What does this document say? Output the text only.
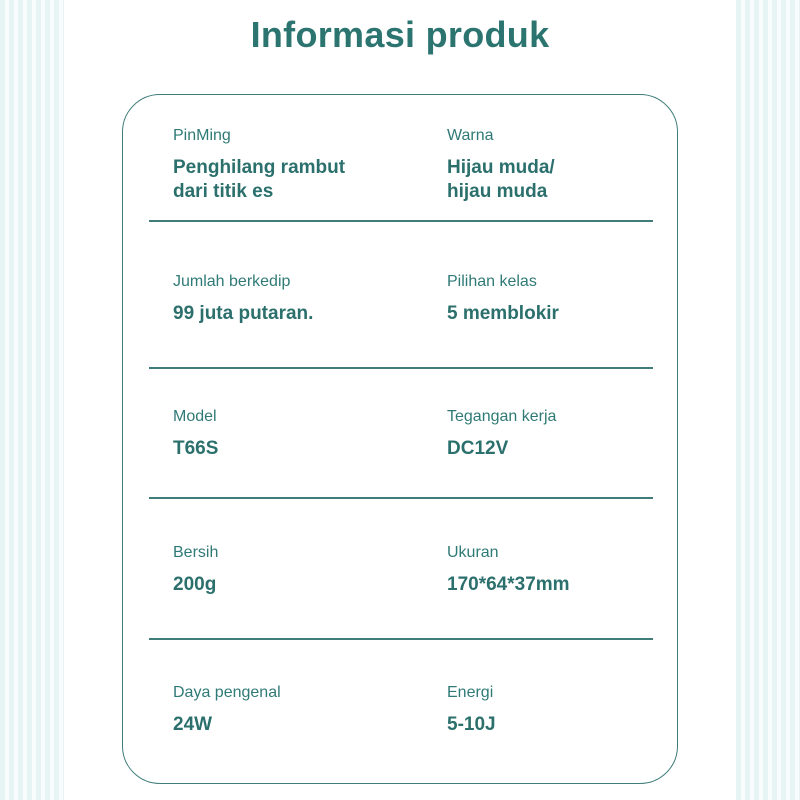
Informasi produk
PinMing
Penghilang rambut
dari titik es
Warna
Hijau muda/
hijau muda
Jumlah berkedip
99 juta putaran.
Pilihan kelas
5 memblokir
Model
T66S
Tegangan kerja
DC12V
Bersih
200g
Ukuran
170*64*37mm
Daya pengenal
24W
Energi
5-10J
